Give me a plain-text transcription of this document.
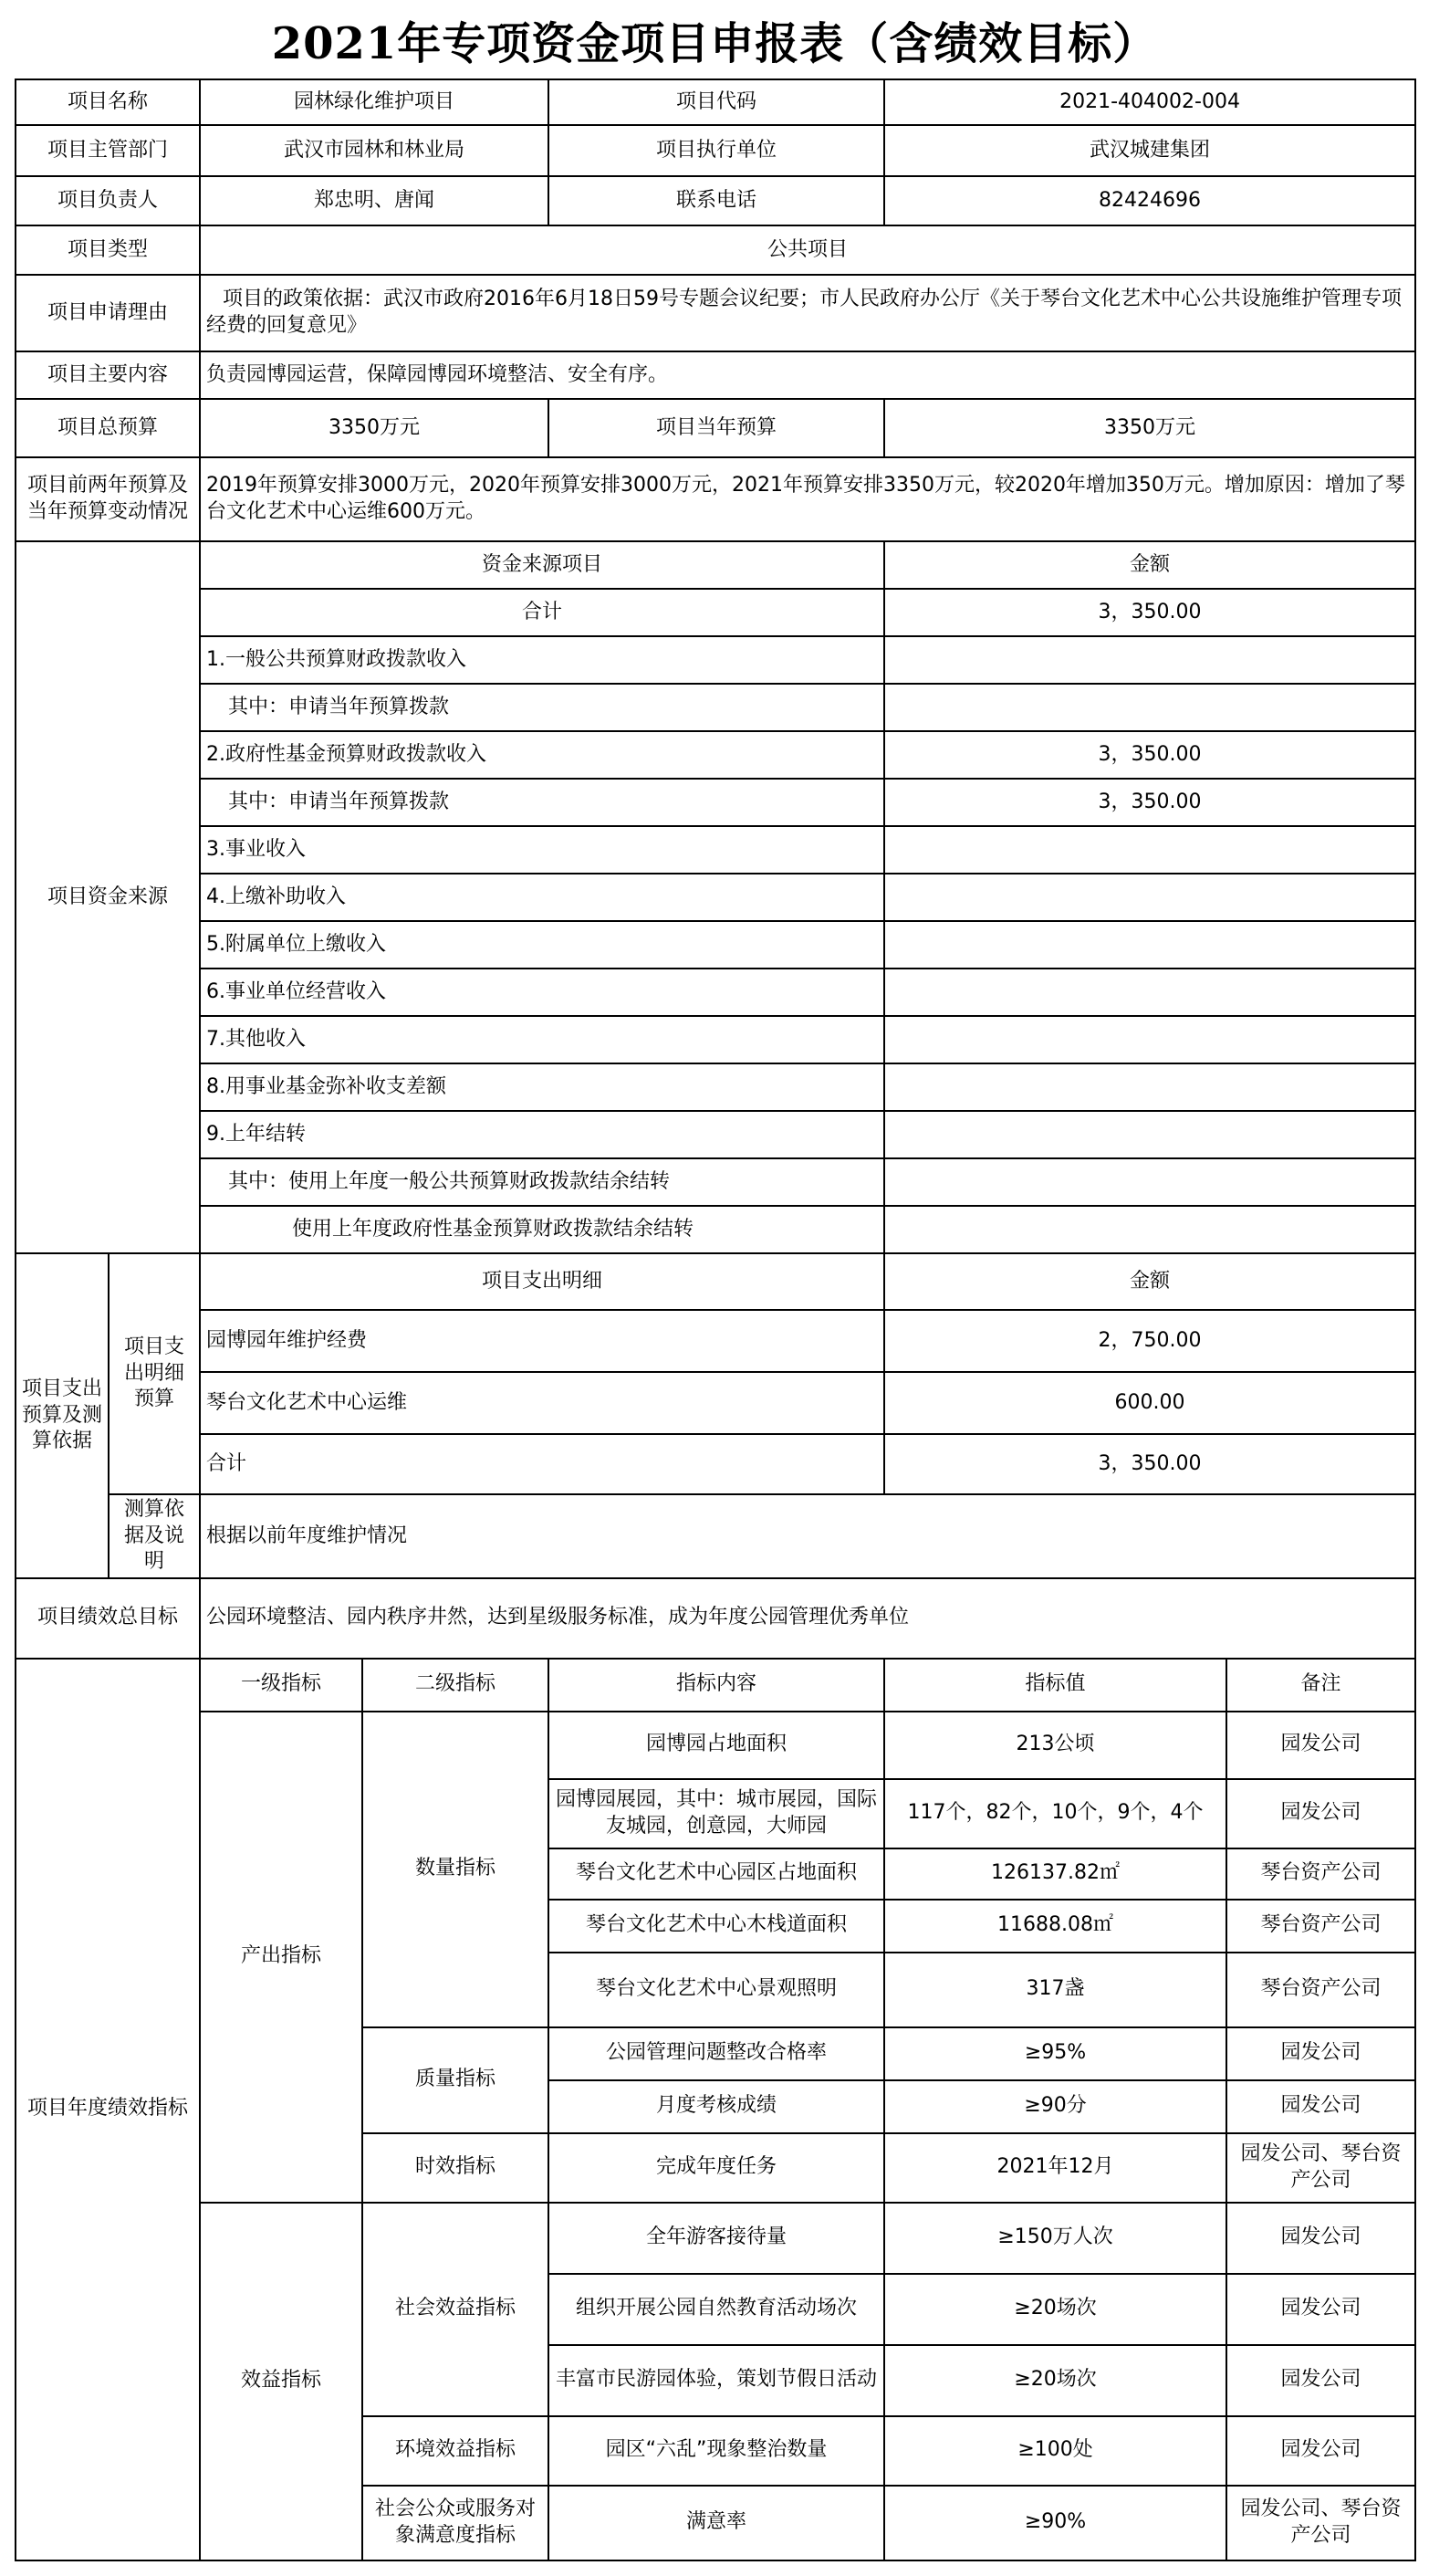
2021年专项资金项目申报表（含绩效目标）
项目名称		园林绿化维护项目		项目代码	2021-404002-004	
项目主管部门		武汉市园林和林业局		项目执行单位	武汉城建集团	
项目负责人		郑忠明、唐闻		联系电话	82424696	
项目类型		公共项目				
项目申请理由		项目的政策依据：武汉市政府2016年6月18日59号专题会议纪要；市人民政府办公厅《关于琴台文化艺术中心公共设施维护管理专项经费的回复意见》				
项目主要内容		负责园博园运营，保障园博园环境整洁、安全有序。				
项目总预算		3350万元		项目当年预算	3350万元	
项目前两年预算及当年预算变动情况		2019年预算安排3000万元，2020年预算安排3000万元，2021年预算安排3350万元，较2020年增加350万元。增加原因：增加了琴台文化艺术中心运维600万元。				
项目资金来源		资金来源项目			金额	
		合计			3，350.00	
		1.一般公共预算财政拨款收入				
		其中：申请当年预算拨款				
		2.政府性基金预算财政拨款收入			3，350.00	
		其中：申请当年预算拨款			3，350.00	
		3.事业收入				
		4.上缴补助收入				
		5.附属单位上缴收入				
		6.事业单位经营收入				
		7.其他收入				
		8.用事业基金弥补收支差额				
		9.上年结转				
		其中：使用上年度一般公共预算财政拨款结余结转				
		使用上年度政府性基金预算财政拨款结余结转				
项目支出预算及测算依据	项目支出明细预算	项目支出明细			金额	
		园博园年维护经费			2，750.00	
		琴台文化艺术中心运维			600.00	
		合计			3，350.00	
	测算依据及说明	根据以前年度维护情况				
项目绩效总目标		公园环境整洁、园内秩序井然，达到星级服务标准，成为年度公园管理优秀单位				
项目年度绩效指标		一级指标	二级指标	指标内容	指标值	备注
		产出指标	数量指标	园博园占地面积	213公顷	园发公司
				园博园展园，其中：城市展园，国际友城园，创意园，大师园	117个，82个，10个，9个，4个	园发公司
				琴台文化艺术中心园区占地面积	126137.82㎡	琴台资产公司
				琴台文化艺术中心木栈道面积	11688.08㎡	琴台资产公司
				琴台文化艺术中心景观照明	317盏	琴台资产公司
			质量指标	公园管理问题整改合格率	≥95%	园发公司
				月度考核成绩	≥90分	园发公司
			时效指标	完成年度任务	2021年12月	园发公司、琴台资产公司
		效益指标	社会效益指标	全年游客接待量	≥150万人次	园发公司
				组织开展公园自然教育活动场次	≥20场次	园发公司
				丰富市民游园体验，策划节假日活动	≥20场次	园发公司
			环境效益指标	园区“六乱”现象整治数量	≥100处	园发公司
			社会公众或服务对象满意度指标	满意率	≥90%	园发公司、琴台资产公司
